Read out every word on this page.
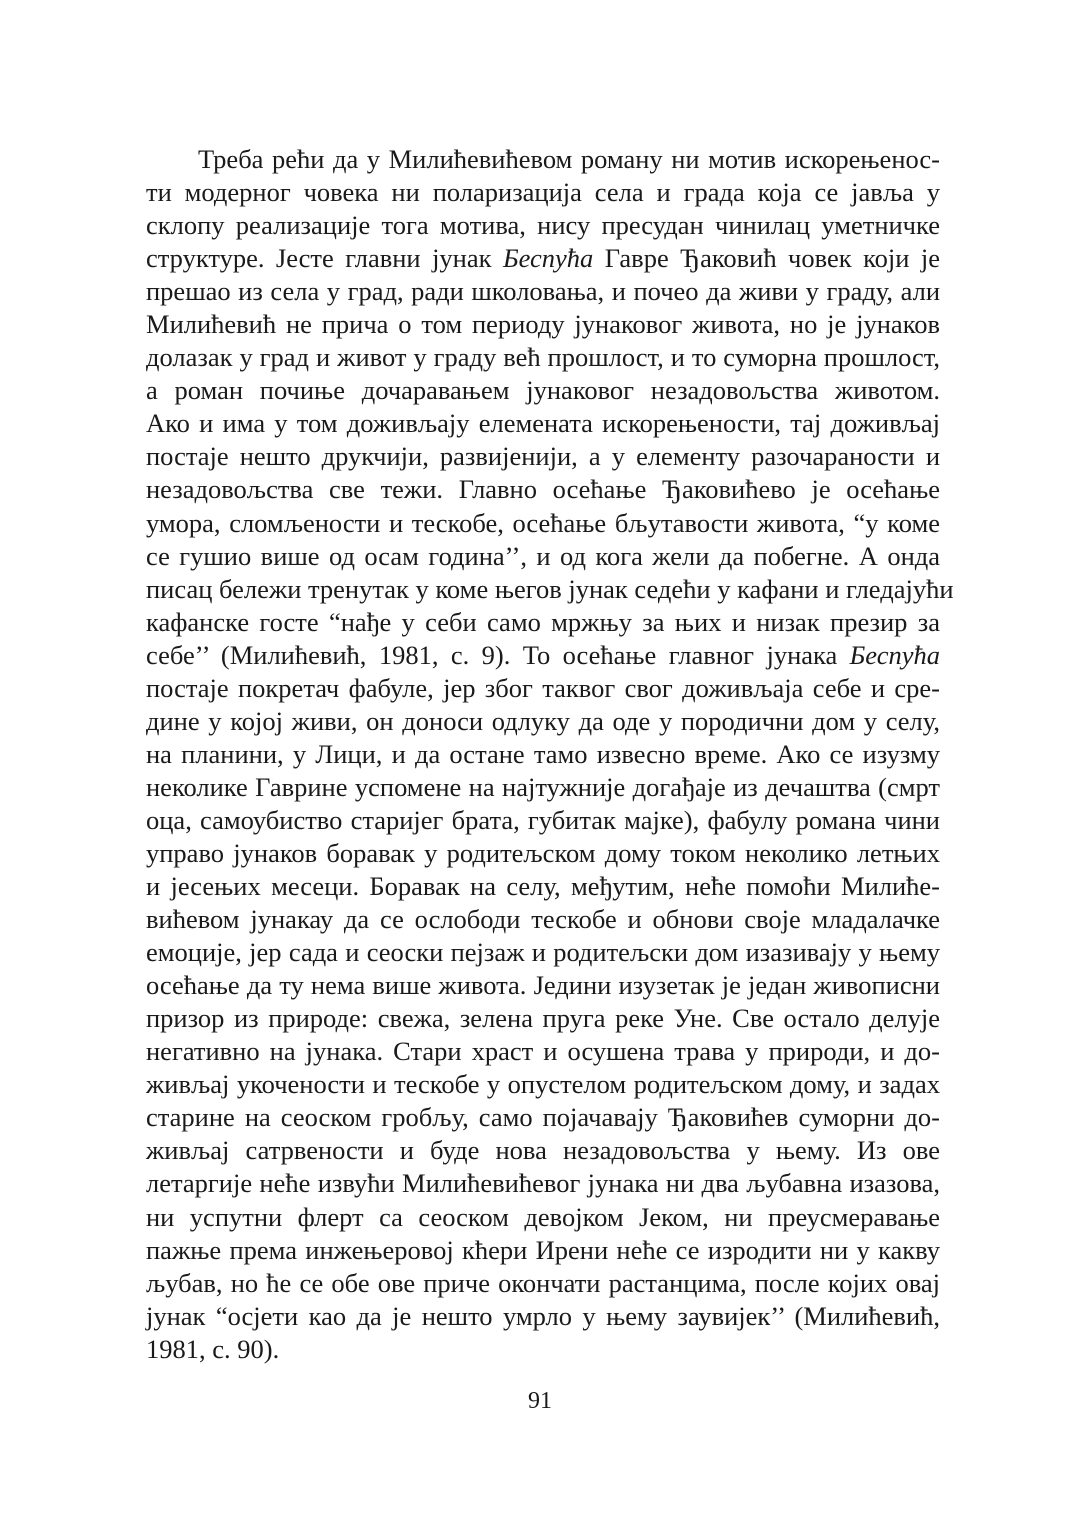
Треба рећи да у Милићевићевом роману ни мотив искорењенос-
ти модерног човека ни поларизација села и града која се јавља у
склопу реализације тога мотива, нису пресудан чинилац уметничке
структуре. Јесте главни јунак Беспућа Гавре Ђаковић човек који је
прешао из села у град, ради школовања, и почео да живи у граду, али
Милићевић не прича о том периоду јунаковог живота, но је јунаков
долазак у град и живот у граду већ прошлост, и то суморна прошлост,
а роман почиње дочаравањем јунаковог незадовољства животом.
Ако и има у том доживљају елемената искорењености, тај доживљај
постаје нешто друкчији, развијенији, а у елементу разочараности и
незадовољства све тежи. Главно осећање Ђаковићево је осећање
умора, сломљености и тескобе, осећање бљутавости живота, “у коме
се гушио више од осам година’’, и од кога жели да побегне. А онда
писац бележи тренутак у коме његов јунак седећи у кафани и гледајући
кафанске госте “нађе у себи само мржњу за њих и низак презир за
себе’’ (Милићевић, 1981, с. 9). То осећање главног јунака Беспућа
постаје покретач фабуле, јер због таквог свог доживљаја себе и сре-
дине у којој живи, он доноси одлуку да оде у породични дом у селу,
на планини, у Лици, и да остане тамо извесно време. Ако се изузму
неколике Гаврине успомене на најтужније догађаје из дечаштва (смрт
оца, самоубиство старијег брата, губитак мајке), фабулу романа чини
управо јунаков боравак у родитељском дому током неколико летњих
и јесењих месеци. Боравак на селу, међутим, неће помоћи Милиће-
вићевом јунакау да се ослободи тескобе и обнови своје младалачке
емоције, јер сада и сеоски пејзаж и родитељски дом изазивају у њему
осећање да ту нема више живота. Једини изузетак је један живописни
призор из природе: свежа, зелена пруга реке Уне. Све остало делује
негативно на јунака. Стари храст и осушена трава у природи, и до-
живљај укочености и тескобе у опустелом родитељском дому, и задах
старине на сеоском гробљу, само појачавају Ђаковићев суморни до-
живљај сатрвености и буде нова незадовољства у њему. Из ове
летаргије неће извући Милићевићевог јунака ни два љубавна изазова,
ни успутни флерт са сеоском девојком Јеком, ни преусмеравање
пажње према инжењеровој кћери Ирени неће се изродити ни у какву
љубав, но ће се обе ове приче окончати растанцима, после којих овај
јунак “осјети као да је нешто умрло у њему заувијек’’ (Милићевић,
1981, с. 90).
91
